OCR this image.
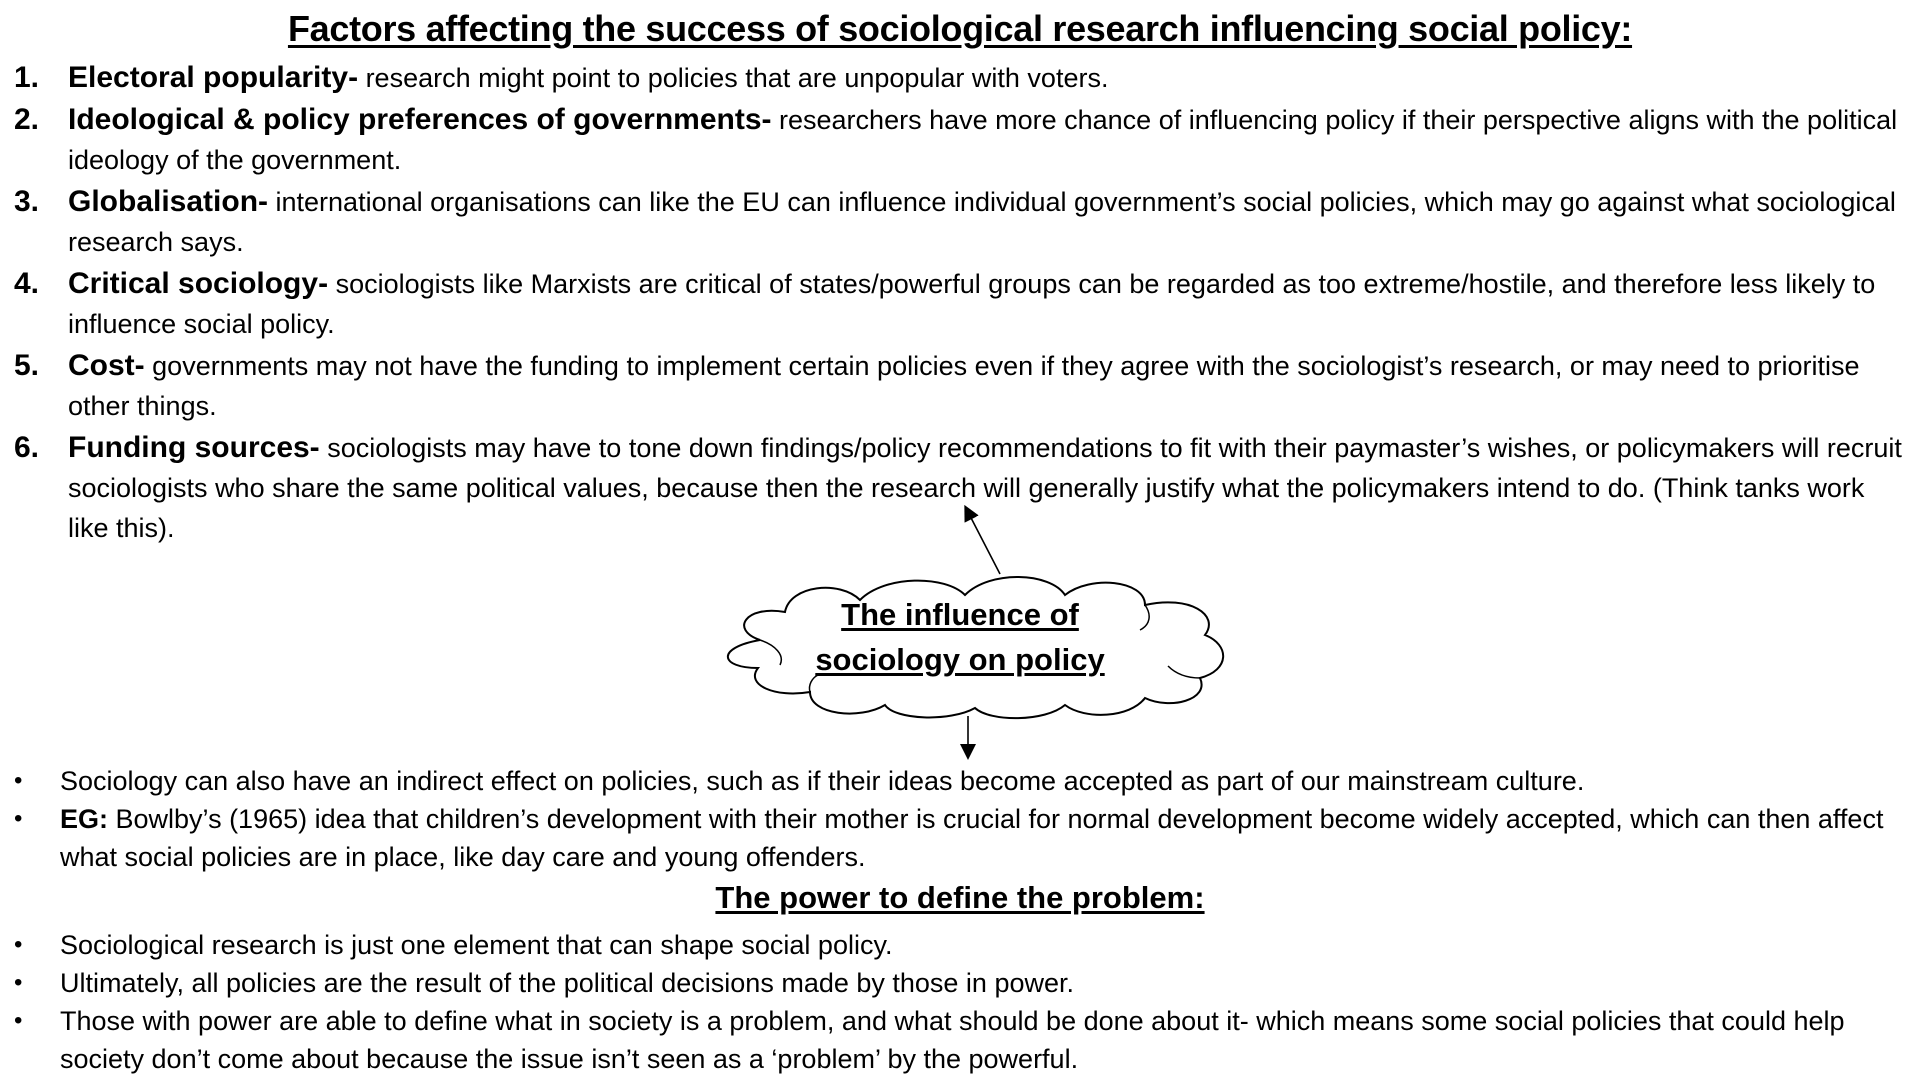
Factors affecting the success of sociological research influencing social policy:
1. Electoral popularity- research might point to policies that are unpopular with voters.
2. Ideological & policy preferences of governments- researchers have more chance of influencing policy if their perspective aligns with the political ideology of the government.
3. Globalisation- international organisations can like the EU can influence individual government’s social policies, which may go against what sociological research says.
4. Critical sociology- sociologists like Marxists are critical of states/powerful groups can be regarded as too extreme/hostile, and therefore less likely to influence social policy.
5. Cost- governments may not have the funding to implement certain policies even if they agree with the sociologist’s research, or may need to prioritise other things.
6. Funding sources- sociologists may have to tone down findings/policy recommendations to fit with their paymaster’s wishes, or policymakers will recruit sociologists who share the same political values, because then the research will generally justify what the policymakers intend to do. (Think tanks work like this).
The influence of
sociology on policy
• Sociology can also have an indirect effect on policies, such as if their ideas become accepted as part of our mainstream culture.
• EG: Bowlby’s (1965) idea that children’s development with their mother is crucial for normal development become widely accepted, which can then affect what social policies are in place, like day care and young offenders.
The power to define the problem:
• Sociological research is just one element that can shape social policy.
• Ultimately, all policies are the result of the political decisions made by those in power.
• Those with power are able to define what in society is a problem, and what should be done about it- which means some social policies that could help society don’t come about because the issue isn’t seen as a ‘problem’ by the powerful.
